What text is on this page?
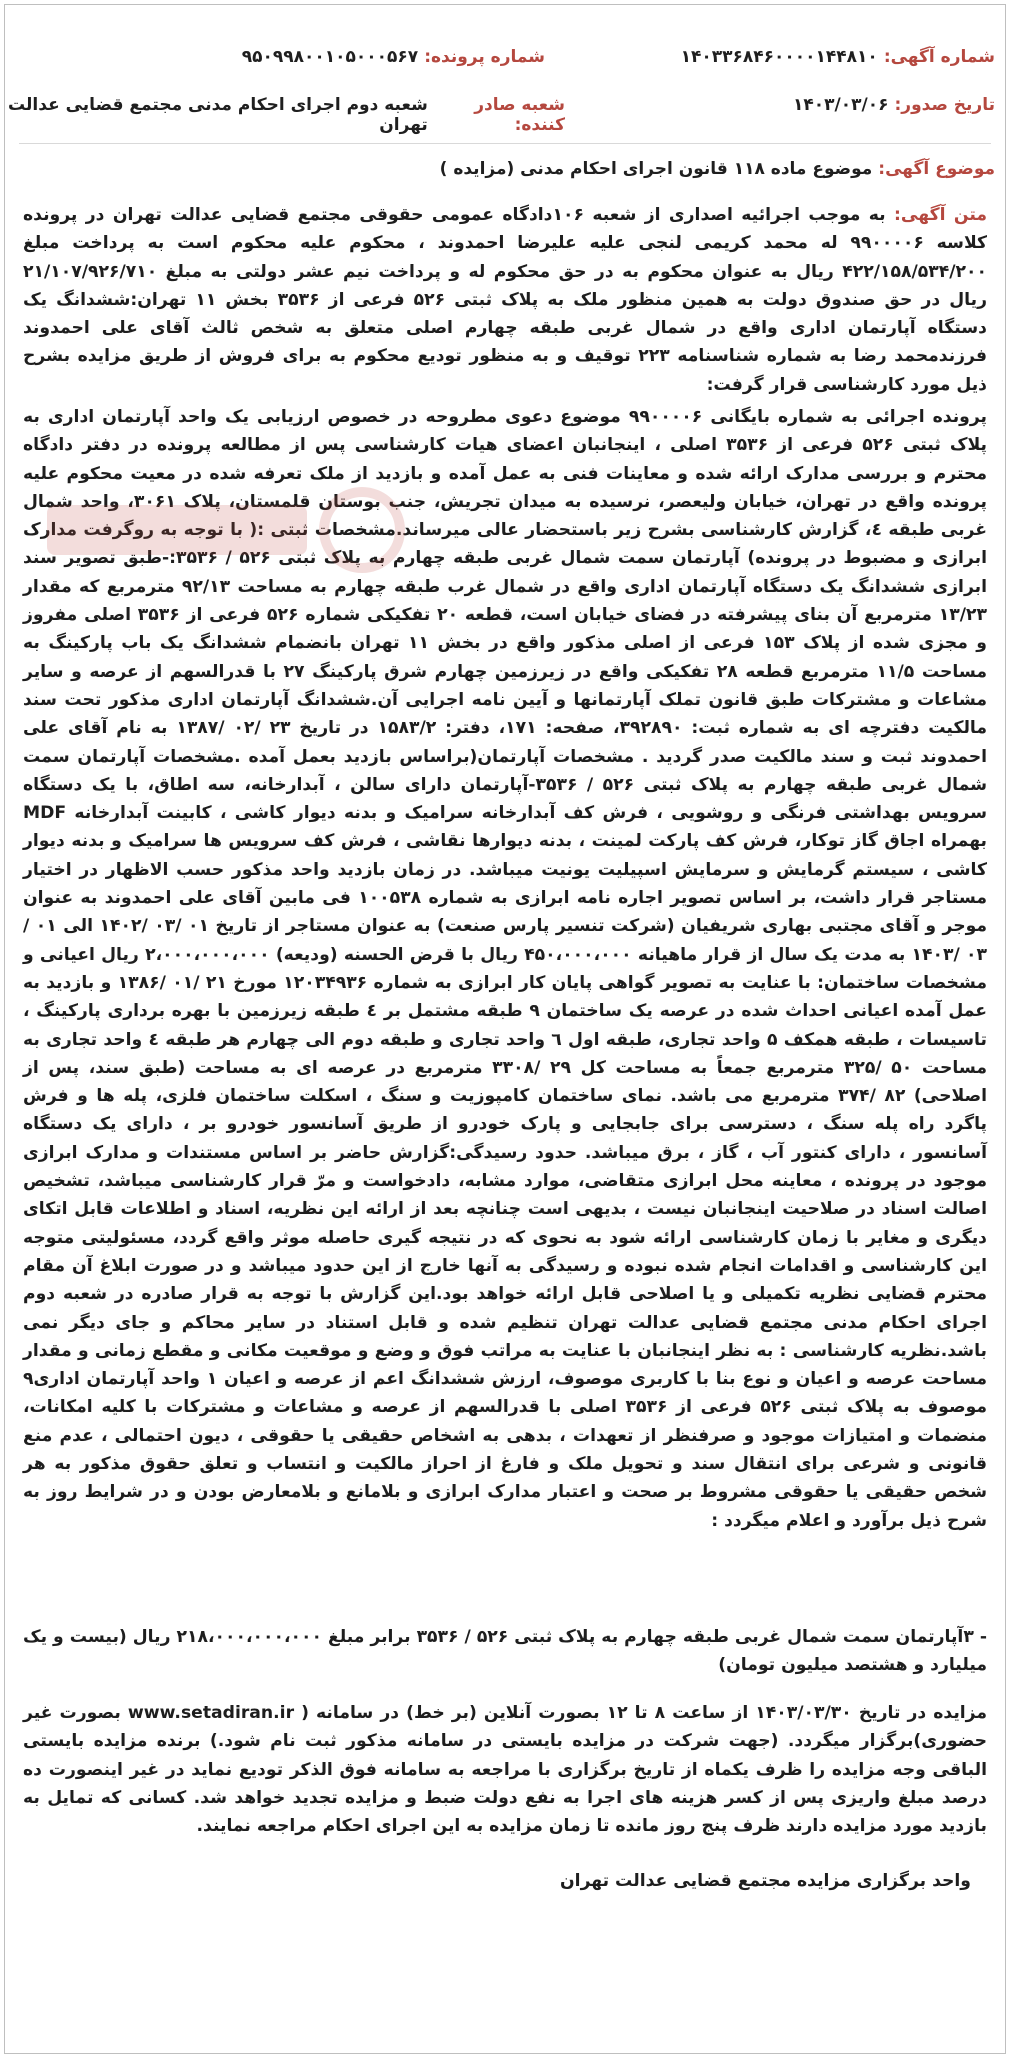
شماره آگهی:
۱۴۰۳۳۶۸۴۶۰۰۰۰۱۴۴۸۱۰
شماره پرونده:
۹۵۰۹۹۸۰۰۱۰۵۰۰۰۵۶۷
تاریخ صدور:
۱۴۰۳/۰۳/۰۶
شعبه صادر کننده:
شعبه دوم اجرای احکام مدنی مجتمع قضایی عدالت تهران
موضوع آگهی:
موضوع ماده ۱۱۸ قانون اجرای احکام مدنی (مزایده )
متن آگهی: به موجب اجرائیه اصداری از شعبه ۱۰۶دادگاه عمومی حقوقی مجتمع قضایی عدالت تهران در پرونده کلاسه ۹۹۰۰۰۰۶ له محمد کریمی لنجی علیه علیرضا احمدوند ، محکوم علیه محکوم است به پرداخت مبلغ ۴۲۲/۱۵۸/۵۳۴/۲۰۰ ریال به عنوان محکوم به در حق محکوم له و پرداخت نیم عشر دولتی به مبلغ ۲۱/۱۰۷/۹۲۶/۷۱۰ ریال در حق صندوق دولت به همین منظور ملک به پلاک ثبتی ۵۲۶ فرعی از ۳۵۳۶ بخش ۱۱ تهران:ششدانگ یک دستگاه آپارتمان اداری واقع در شمال غربی طبقه چهارم اصلی متعلق به شخص ثالث آقای علی احمدوند فرزندمحمد رضا به شماره شناسنامه ۲۲۳ توقیف و به منظور تودیع محکوم به برای فروش از طریق مزایده بشرح ذیل مورد کارشناسی قرار گرفت:
پرونده اجرائی به شماره بایگانی ۹۹۰۰۰۰۶ موضوع دعوی مطروحه در خصوص ارزیابی یک واحد آپارتمان اداری به پلاک ثبتی ۵۲۶ فرعی از ۳۵۳۶ اصلی ، اینجانبان اعضای هیات کارشناسی پس از مطالعه پرونده در دفتر دادگاه محترم و بررسی مدارک ارائه شده و معاینات فنی به عمل آمده و بازدید از ملک تعرفه شده در معیت محکوم علیه پرونده واقع در تهران، خیابان ولیعصر، نرسیده به میدان تجریش، جنب بوستان قلمستان، پلاک ۳۰۶۱، واحد شمال غربی طبقه ٤، گزارش کارشناسی بشرح زیر باستحضار عالی میرساند.مشخصات ثبتی :( با توجه به روگرفت مدارک ابرازی و مضبوط در پرونده) آپارتمان سمت شمال غربی طبقه چهارم به پلاک ثبتی ۵۲۶ / ۳۵۳۶:-طبق تصویر سند ابرازی ششدانگ یک دستگاه آپارتمان اداری واقع در شمال غرب طبقه چهارم به مساحت ۹۲/۱۳ مترمربع که مقدار ۱۳/۲۳ مترمربع آن بنای پیشرفته در فضای خیابان است، قطعه ۲۰ تفکیکی شماره ۵۲۶ فرعی از ۳۵۳۶ اصلی مفروز و مجزی شده از پلاک ۱۵۳ فرعی از اصلی مذکور واقع در بخش ۱۱ تهران بانضمام ششدانگ یک باب پارکینگ به مساحت ۱۱/۵ مترمربع قطعه ۲۸ تفکیکی واقع در زیرزمین چهارم شرق پارکینگ ۲۷ با قدرالسهم از عرصه و سایر مشاعات و مشترکات طبق قانون تملک آپارتمانها و آیین نامه اجرایی آن.ششدانگ آپارتمان اداری مذکور تحت سند مالکیت دفترچه ای به شماره ثبت: ۳۹۲۸۹۰، صفحه: ۱۷۱، دفتر: ۱۵۸۳/۲ در تاریخ ۲۳ /۰۲ /۱۳۸۷ به نام آقای علی احمدوند ثبت و سند مالکیت صدر گردید . مشخصات آپارتمان(براساس بازدید بعمل آمده .مشخصات آپارتمان سمت شمال غربی طبقه چهارم به پلاک ثبتی ۵۲۶ / ۳۵۳۶-آپارتمان دارای سالن ، آبدارخانه، سه اطاق، با یک دستگاه سرویس بهداشتی فرنگی و روشویی ، فرش کف آبدارخانه سرامیک و بدنه دیوار کاشی ، کابینت آبدارخانه MDF بهمراه اجاق گاز توکار، فرش کف پارکت لمینت ، بدنه دیوارها نقاشی ، فرش کف سرویس ها سرامیک و بدنه دیوار کاشی ، سیستم گرمایش و سرمایش اسپیلیت یونیت میباشد. در زمان بازدید واحد مذکور حسب الاظهار در اختیار مستاجر قرار داشت، بر اساس تصویر اجاره نامه ابرازی به شماره ۱۰۰۵۳۸ فی مابین آقای علی احمدوند به عنوان موجر و آقای مجتبی بهاری شریفیان (شرکت تنسیر پارس صنعت) به عنوان مستاجر از تاریخ ۰۱ /۰۳ /۱۴۰۲ الی ۰۱ /۰۳ /۱۴۰۳ به مدت یک سال از قرار ماهیانه ۴۵۰،۰۰۰،۰۰۰ ریال با قرض الحسنه (ودیعه) ۲،۰۰۰،۰۰۰،۰۰۰ ریال اعیانی و مشخصات ساختمان: با عنایت به تصویر گواهی پایان کار ابرازی به شماره ۱۲۰۳۴۹۳۶ مورخ ۲۱ /۰۱ /۱۳۸۶ و بازدید به عمل آمده اعیانی احداث شده در عرصه یک ساختمان ۹ طبقه مشتمل بر ٤ طبقه زیرزمین با بهره برداری پارکینگ ، تاسیسات ، طبقه همکف ۵ واحد تجاری، طبقه اول ٦ واحد تجاری و طبقه دوم الی چهارم هر طبقه ٤ واحد تجاری به مساحت ۵۰ /۳۲۵ مترمربع جمعاً به مساحت کل ۲۹ /۳۳۰۸ مترمربع در عرصه ای به مساحت (طبق سند، پس از اصلاحی) ۸۲ /۳۷۴ مترمربع می باشد. نمای ساختمان کامپوزیت و سنگ ، اسکلت ساختمان فلزی، پله ها و فرش پاگرد راه پله سنگ ، دسترسی برای جابجایی و پارک خودرو از طریق آسانسور خودرو بر ، دارای یک دستگاه آسانسور ، دارای کنتور آب ، گاز ، برق میباشد. حدود رسیدگی:گزارش حاضر بر اساس مستندات و مدارک ابرازی موجود در پرونده ، معاینه محل ابرازی متقاضی، موارد مشابه، دادخواست و مرّ قرار کارشناسی میباشد، تشخیص اصالت اسناد در صلاحیت اینجانبان نیست ، بدیهی است چنانچه بعد از ارائه این نظریه، اسناد و اطلاعات قابل اتکای دیگری و مغایر با زمان کارشناسی ارائه شود به نحوی که در نتیجه گیری حاصله موثر واقع گردد، مسئولیتی متوجه این کارشناسی و اقدامات انجام شده نبوده و رسیدگی به آنها خارج از این حدود میباشد و در صورت ابلاغ آن مقام محترم قضایی نظریه تکمیلی و یا اصلاحی قابل ارائه خواهد بود.این گزارش با توجه به قرار صادره در شعبه دوم اجرای احکام مدنی مجتمع قضایی عدالت تهران تنظیم شده و قابل استناد در سایر محاکم و جای دیگر نمی باشد.نظریه کارشناسی : به نظر اینجانبان با عنایت به مراتب فوق و وضع و موقعیت مکانی و مقطع زمانی و مقدار مساحت عرصه و اعیان و نوع بنا با کاربری موصوف، ارزش ششدانگ اعم از عرصه و اعیان ۱ واحد آپارتمان اداری۹ موصوف به پلاک ثبتی ۵۲۶ فرعی از ۳۵۳۶ اصلی با قدرالسهم از عرصه و مشاعات و مشترکات با کلیه امکانات، منضمات و امتیازات موجود و صرفنظر از تعهدات ، بدهی به اشخاص حقیقی یا حقوقی ، دیون احتمالی ، عدم منع قانونی و شرعی برای انتقال سند و تحویل ملک و فارغ از احراز مالکیت و انتساب و تعلق حقوق مذکور به هر شخص حقیقی یا حقوقی مشروط بر صحت و اعتبار مدارک ابرازی و بلامانع و بلامعارض بودن و در شرایط روز به شرح ذیل برآورد و اعلام میگردد :
- ۳آپارتمان سمت شمال غربی طبقه چهارم به پلاک ثبتی ۵۲۶ / ۳۵۳۶ برابر مبلغ ۲۱۸،۰۰۰،۰۰۰،۰۰۰ ریال (بیست و یک میلیارد و هشتصد میلیون تومان)
مزایده در تاریخ ۱۴۰۳/۰۳/۳۰ از ساعت ۸ تا ۱۲ بصورت آنلاین (بر خط) در سامانه ( www.setadiran.ir بصورت غیر حضوری)برگزار میگردد. (جهت شرکت در مزایده بایستی در سامانه مذکور ثبت نام شود.) برنده مزایده بایستی الباقی وجه مزایده را ظرف یکماه از تاریخ برگزاری با مراجعه به سامانه فوق الذکر تودیع نماید در غیر اینصورت ده درصد مبلغ واریزی پس از کسر هزینه های اجرا به نفع دولت ضبط و مزایده تجدید خواهد شد. کسانی که تمایل به بازدید مورد مزایده دارند ظرف پنج روز مانده تا زمان مزایده به این اجرای احکام مراجعه نمایند.
واحد برگزاری مزایده مجتمع قضایی عدالت تهران
